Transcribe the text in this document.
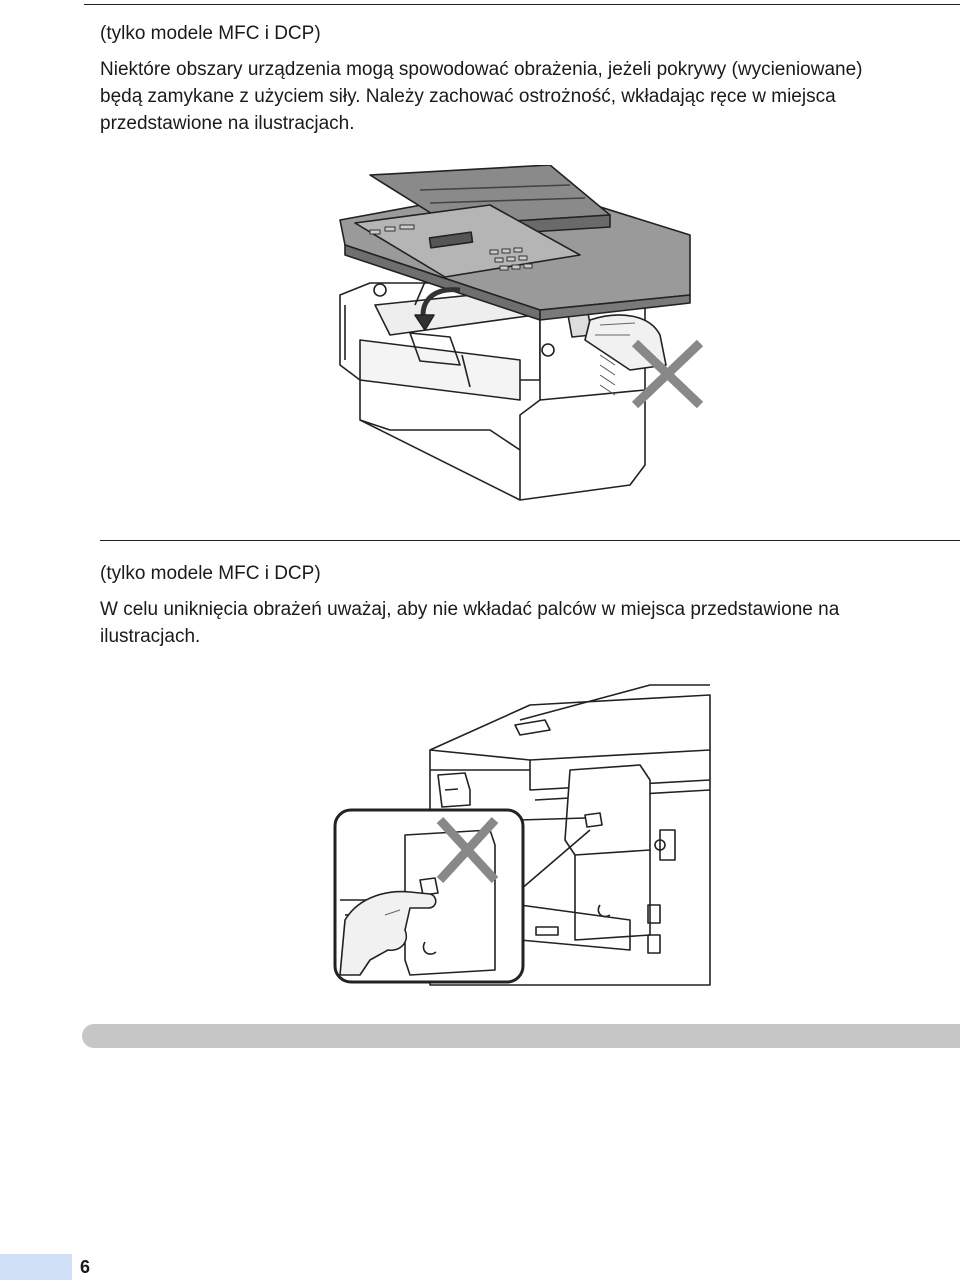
(tylko modele MFC i DCP)

Niektóre obszary urządzenia mogą spowodować obrażenia, jeżeli pokrywy (wycieniowane)
będą zamykane z użyciem siły. Należy zachować ostrożność, wkładając ręce w miejsca
przedstawione na ilustracjach.

(tylko modele MFC i DCP)

W celu uniknięcia obrażeń uważaj, aby nie wkładać palców w miejsca przedstawione na
ilustracjach.
6
